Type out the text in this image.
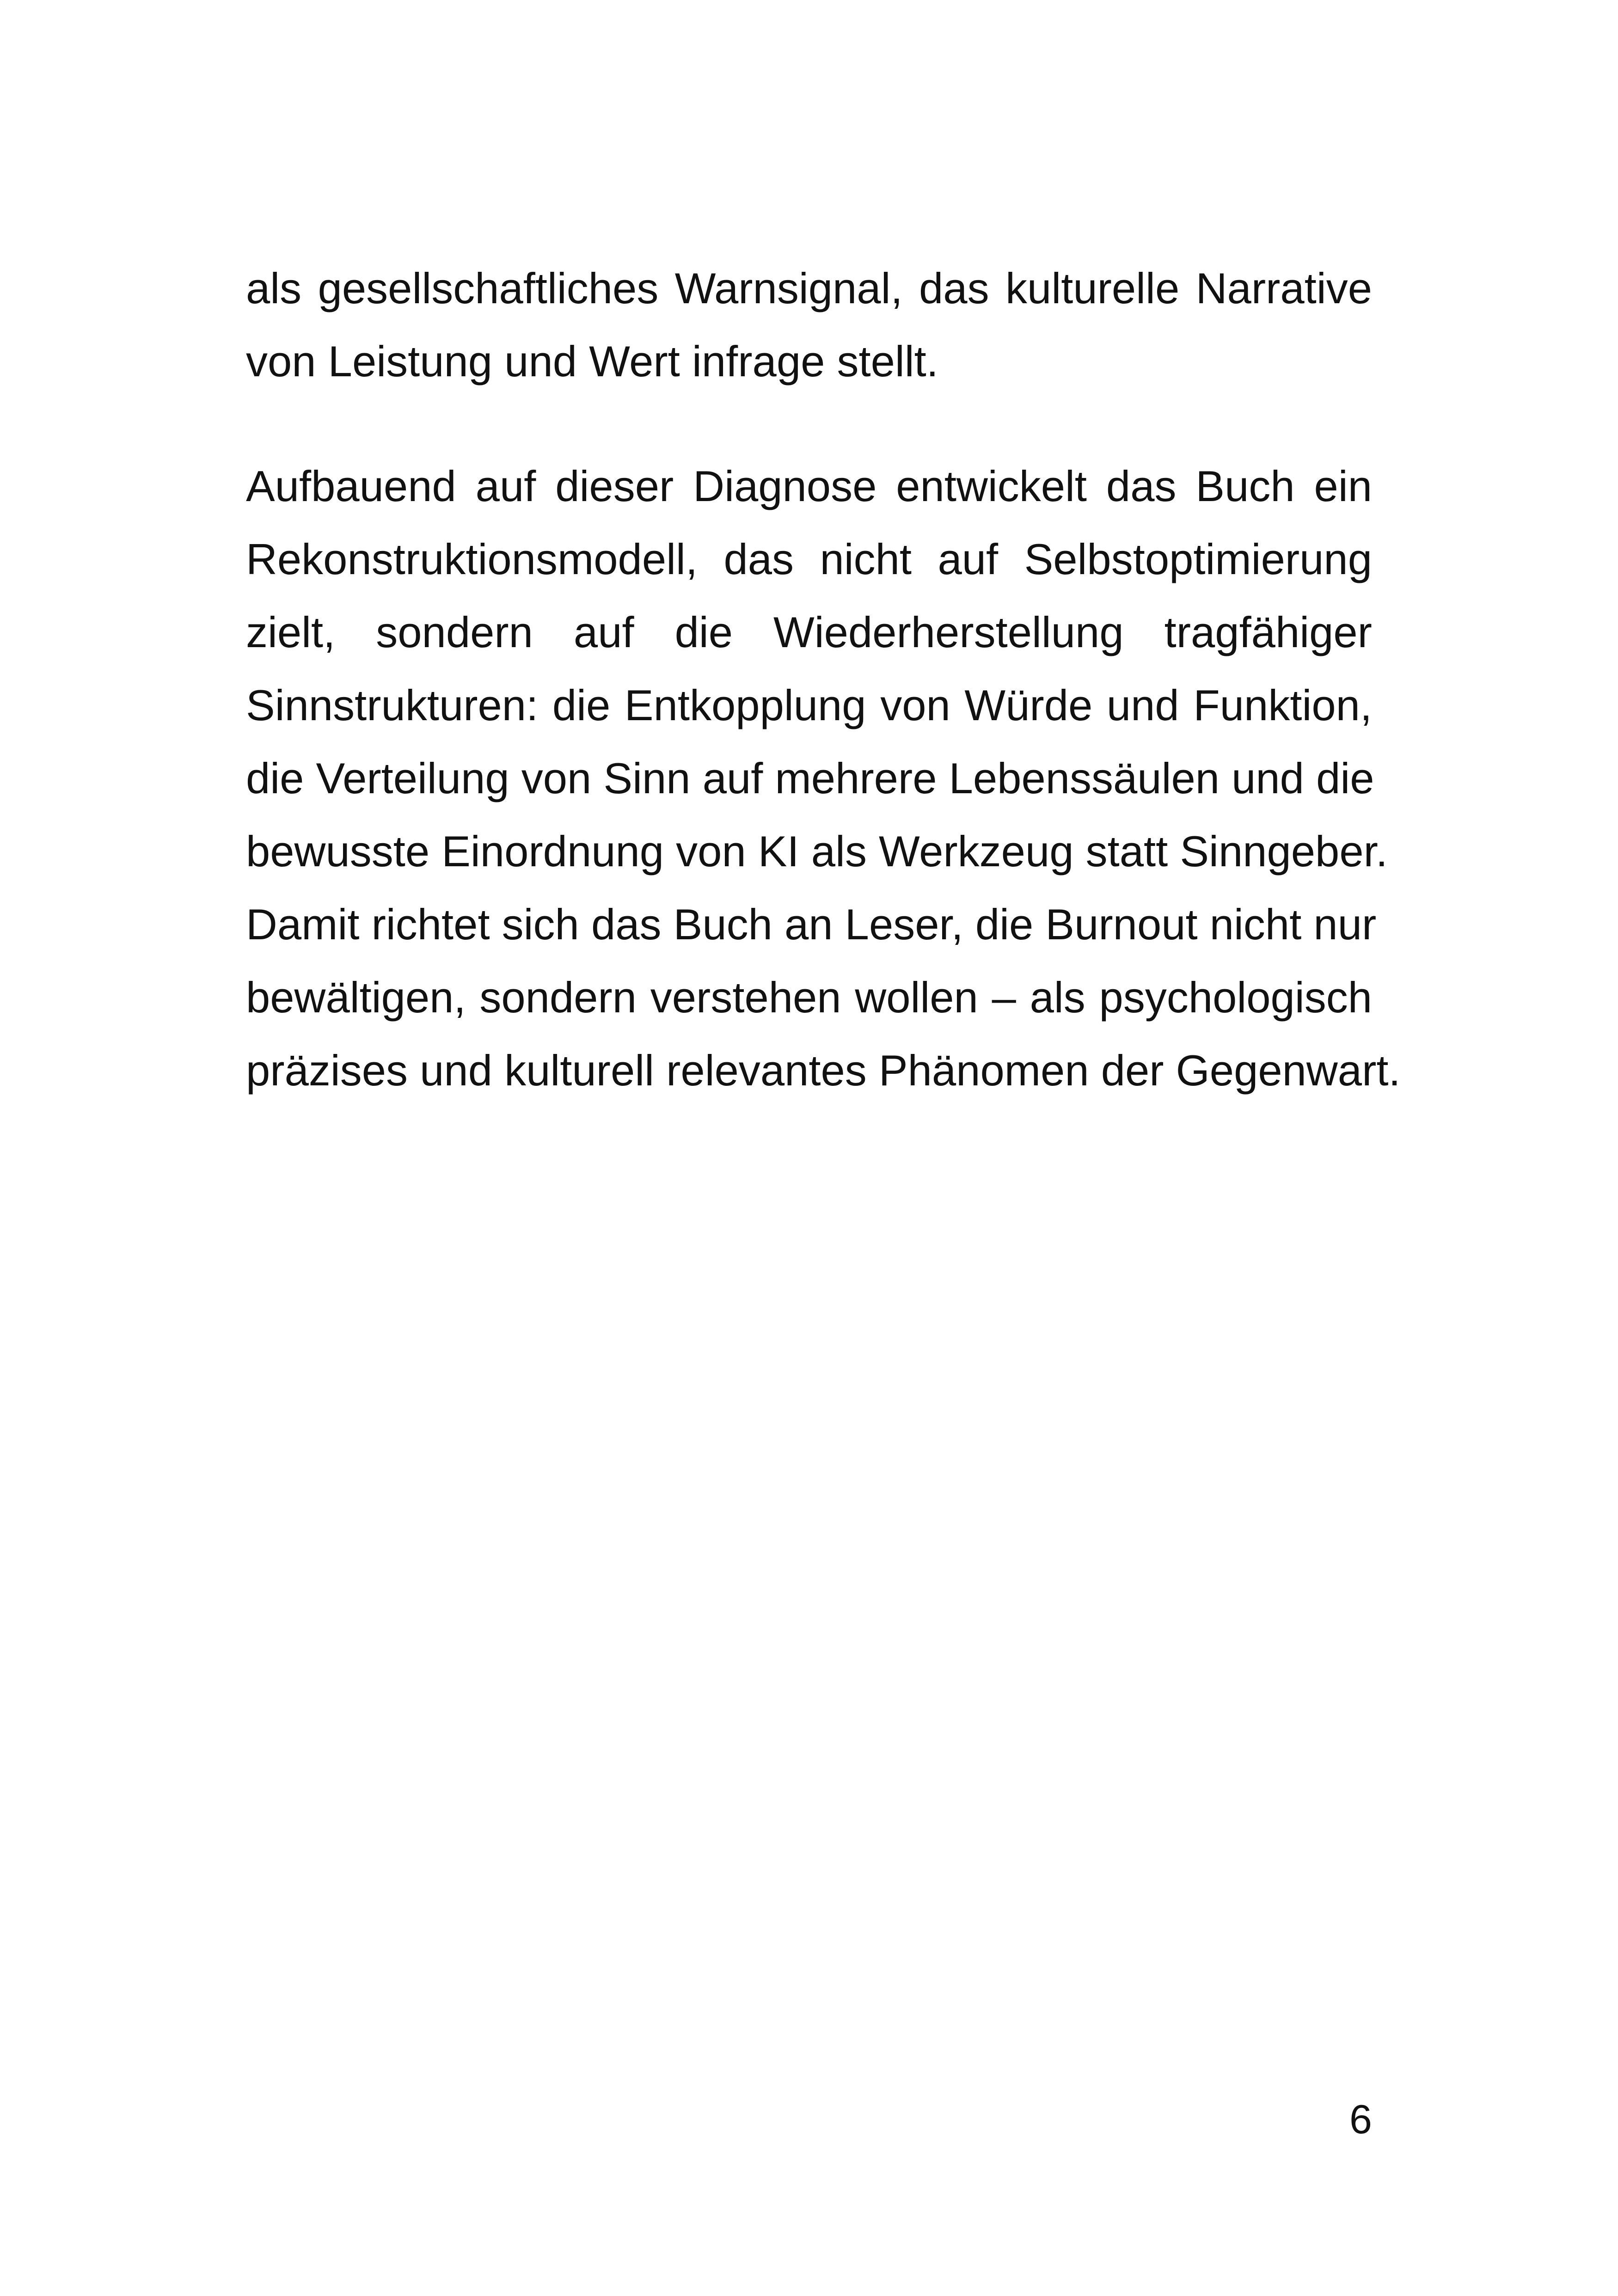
als gesellschaftliches Warnsignal, das kulturelle Narrative
von Leistung und Wert infrage stellt.
Aufbauend auf dieser Diagnose entwickelt das Buch ein
Rekonstruktionsmodell, das nicht auf Selbstoptimierung
zielt, sondern auf die Wiederherstellung tragfähiger
Sinnstrukturen: die Entkopplung von Würde und Funktion,
die Verteilung von Sinn auf mehrere Lebenssäulen und die
bewusste Einordnung von KI als Werkzeug statt Sinngeber.
Damit richtet sich das Buch an Leser, die Burnout nicht nur
bewältigen, sondern verstehen wollen – als psychologisch
präzises und kulturell relevantes Phänomen der Gegenwart.
6
